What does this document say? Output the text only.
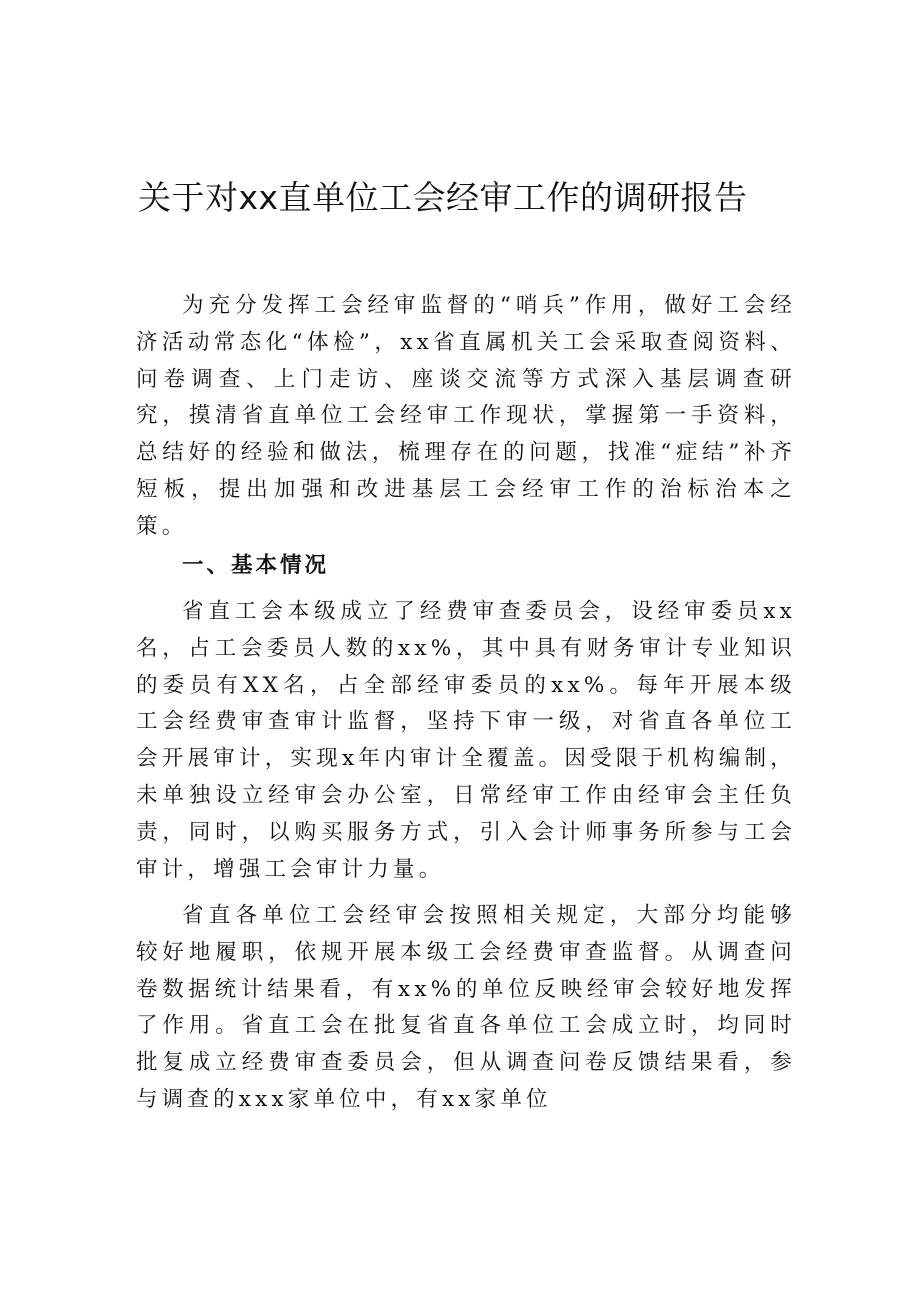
关于对xx直单位工会经审工作的调研报告

为充分发挥工会经审监督的“哨兵”作用，做好工会经济活动常态化“体检”，xx省直属机关工会采取查阅资料、问卷调查、上门走访、座谈交流等方式深入基层调查研究，摸清省直单位工会经审工作现状，掌握第一手资料，总结好的经验和做法，梳理存在的问题，找准“症结”补齐短板，提出加强和改进基层工会经审工作的治标治本之策。

一、基本情况

省直工会本级成立了经费审查委员会，设经审委员xx名，占工会委员人数的xx%，其中具有财务审计专业知识的委员有XX名，占全部经审委员的xx%。每年开展本级工会经费审查审计监督，坚持下审一级，对省直各单位工会开展审计，实现x年内审计全覆盖。因受限于机构编制，未单独设立经审会办公室，日常经审工作由经审会主任负责，同时，以购买服务方式，引入会计师事务所参与工会审计，增强工会审计力量。

省直各单位工会经审会按照相关规定，大部分均能够较好地履职，依规开展本级工会经费审查监督。从调查问卷数据统计结果看，有xx%的单位反映经审会较好地发挥了作用。省直工会在批复省直各单位工会成立时，均同时批复成立经费审查委员会，但从调查问卷反馈结果看，参与调查的xxx家单位中，有xx家单位
